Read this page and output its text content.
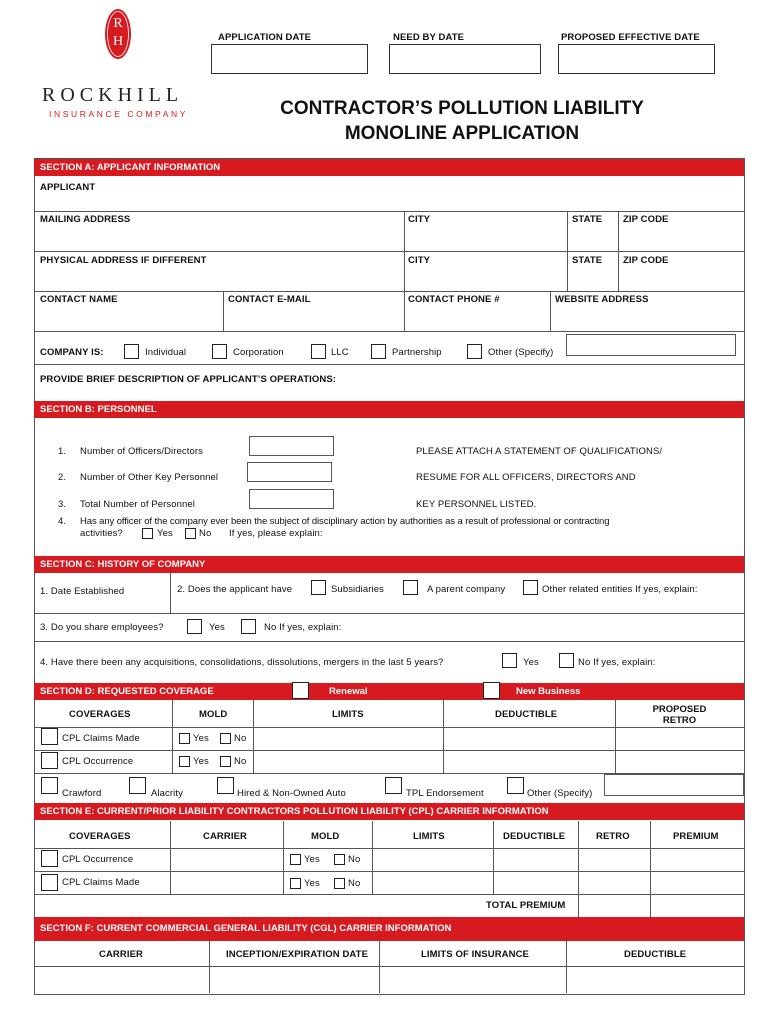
R H
ROCKHILL
INSURANCE COMPANY
APPLICATION DATE	NEED BY DATE	PROPOSED EFFECTIVE DATE
CONTRACTOR’S POLLUTION LIABILITY
MONOLINE APPLICATION
SECTION A: APPLICANT INFORMATION
APPLICANT
MAILING ADDRESS	CITY	STATE ZIP CODE
PHYSICAL ADDRESS IF DIFFERENT	CITY	STATE ZIP CODE
CONTACT NAME	CONTACT E-MAIL	CONTACT PHONE #	WEBSITE ADDRESS
COMPANY IS:	Individual	Corporation	LLC	Partnership	Other (Specify)
PROVIDE BRIEF DESCRIPTION OF APPLICANT’S OPERATIONS:
SECTION B: PERSONNEL
1. Number of Officers/Directors
2. Number of Other Key Personnel
3. Total Number of Personnel
PLEASE ATTACH A STATEMENT OF QUALIFICATIONS/
RESUME FOR ALL OFFICERS, DIRECTORS AND
KEY PERSONNEL LISTED.
4. Has any officer of the company ever been the subject of disciplinary action by authorities as a result of professional or contracting
activities?	Yes	No If yes, please explain:
SECTION C: HISTORY OF COMPANY
1. Date Established	2. Does the applicant have	Subsidiaries	A parent company	Other related entities If yes, explain:
3. Do you share employees?	Yes	No If yes, explain:
4. Have there been any acquisitions, consolidations, dissolutions, mergers in the last 5 years?	Yes	No If yes, explain:
SECTION D: REQUESTED COVERAGE	Renewal	New Business
COVERAGES	MOLD	LIMITS	DEDUCTIBLE	PROPOSED
RETRO
CPL Claims Made	Yes	No
CPL Occurrence	Yes	No
Crawford	Alacrity	Hired & Non-Owned Auto	TPL Endorsement	Other (Specify)
SECTION E: CURRENT/PRIOR LIABILITY CONTRACTORS POLLUTION LIABILITY (CPL) CARRIER INFORMATION
COVERAGES	CARRIER	MOLD	LIMITS	DEDUCTIBLE	RETRO	PREMIUM
CPL Occurrence	Yes	No
CPL Claims Made	Yes	No
TOTAL PREMIUM
SECTION F: CURRENT COMMERCIAL GENERAL LIABILITY (CGL) CARRIER INFORMATION
CARRIER	INCEPTION/EXPIRATION DATE	LIMITS OF INSURANCE	DEDUCTIBLE
